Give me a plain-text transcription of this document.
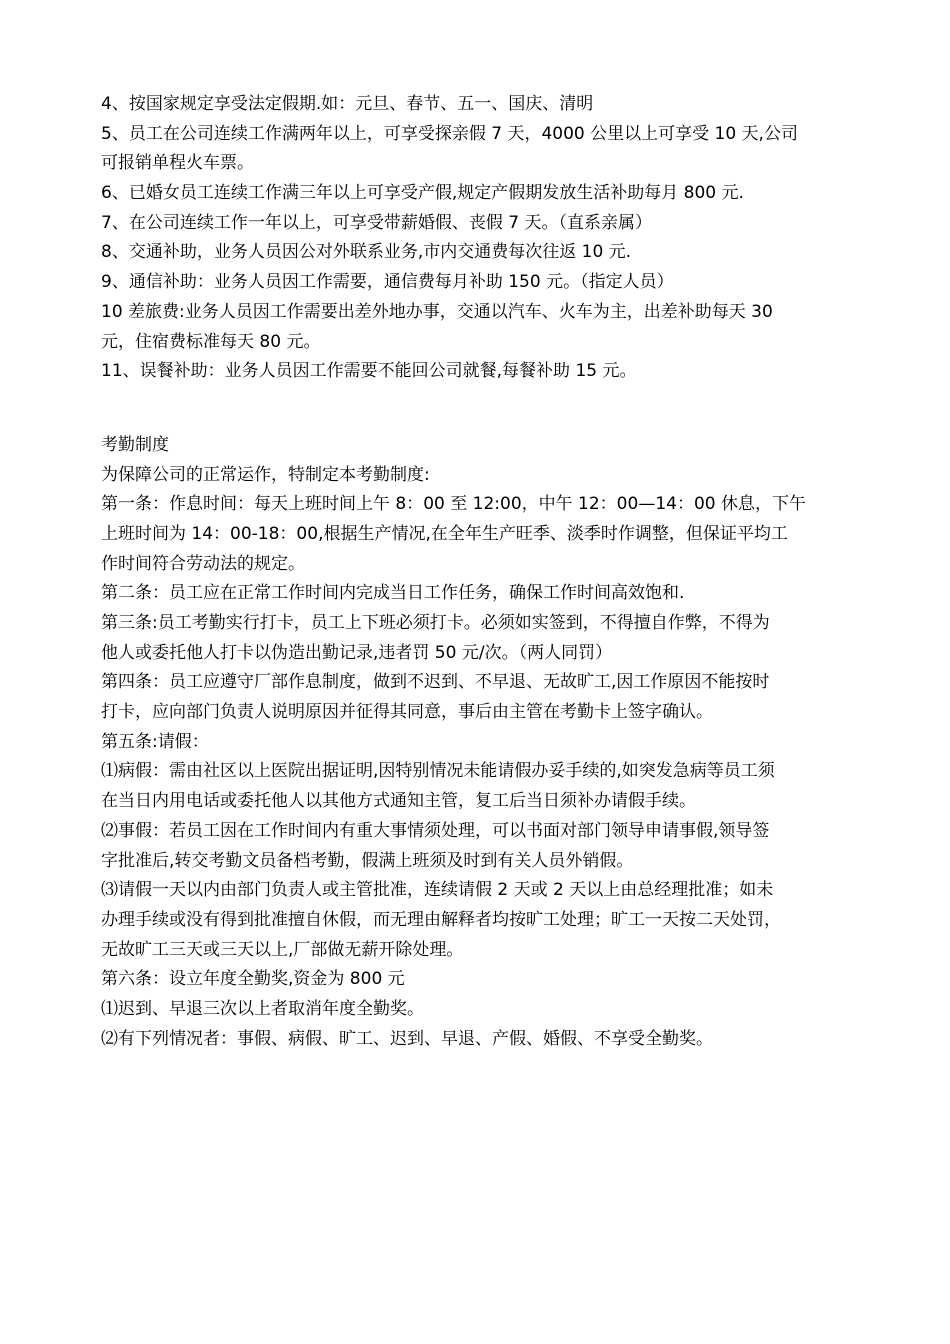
4、按国家规定享受法定假期.如：元旦、春节、五一、国庆、清明
5、员工在公司连续工作满两年以上，可享受探亲假 7 天，4000 公里以上可享受 10 天,公司
可报销单程火车票。
6、已婚女员工连续工作满三年以上可享受产假,规定产假期发放生活补助每月 800 元.
7、在公司连续工作一年以上，可享受带薪婚假、丧假 7 天。（直系亲属）
8、交通补助，业务人员因公对外联系业务,市内交通费每次往返 10 元.
9、通信补助：业务人员因工作需要，通信费每月补助 150 元。（指定人员）
10 差旅费:业务人员因工作需要出差外地办事，交通以汽车、火车为主，出差补助每天 30
元，住宿费标准每天 80 元。
11、误餐补助：业务人员因工作需要不能回公司就餐,每餐补助 15 元。
考勤制度
为保障公司的正常运作，特制定本考勤制度:
第一条：作息时间：每天上班时间上午 8：00 至 12:00，中午 12：00—14：00 休息，下午
上班时间为 14：00-18：00,根据生产情况,在全年生产旺季、淡季时作调整，但保证平均工
作时间符合劳动法的规定。
第二条：员工应在正常工作时间内完成当日工作任务，确保工作时间高效饱和.
第三条:员工考勤实行打卡，员工上下班必须打卡。必须如实签到，不得擅自作弊，不得为
他人或委托他人打卡以伪造出勤记录,违者罚 50 元/次。（两人同罚）
第四条：员工应遵守厂部作息制度，做到不迟到、不早退、无故旷工,因工作原因不能按时
打卡，应向部门负责人说明原因并征得其同意，事后由主管在考勤卡上签字确认。
第五条:请假：
⑴病假：需由社区以上医院出据证明,因特别情况未能请假办妥手续的,如突发急病等员工须
在当日内用电话或委托他人以其他方式通知主管，复工后当日须补办请假手续。
⑵事假：若员工因在工作时间内有重大事情须处理，可以书面对部门领导申请事假,领导签
字批准后,转交考勤文员备档考勤，假满上班须及时到有关人员外销假。
⑶请假一天以内由部门负责人或主管批准，连续请假 2 天或 2 天以上由总经理批准；如未
办理手续或没有得到批准擅自休假，而无理由解释者均按旷工处理；旷工一天按二天处罚，
无故旷工三天或三天以上,厂部做无薪开除处理。
第六条：设立年度全勤奖,资金为 800 元
⑴迟到、早退三次以上者取消年度全勤奖。
⑵有下列情况者：事假、病假、旷工、迟到、早退、产假、婚假、不享受全勤奖。
